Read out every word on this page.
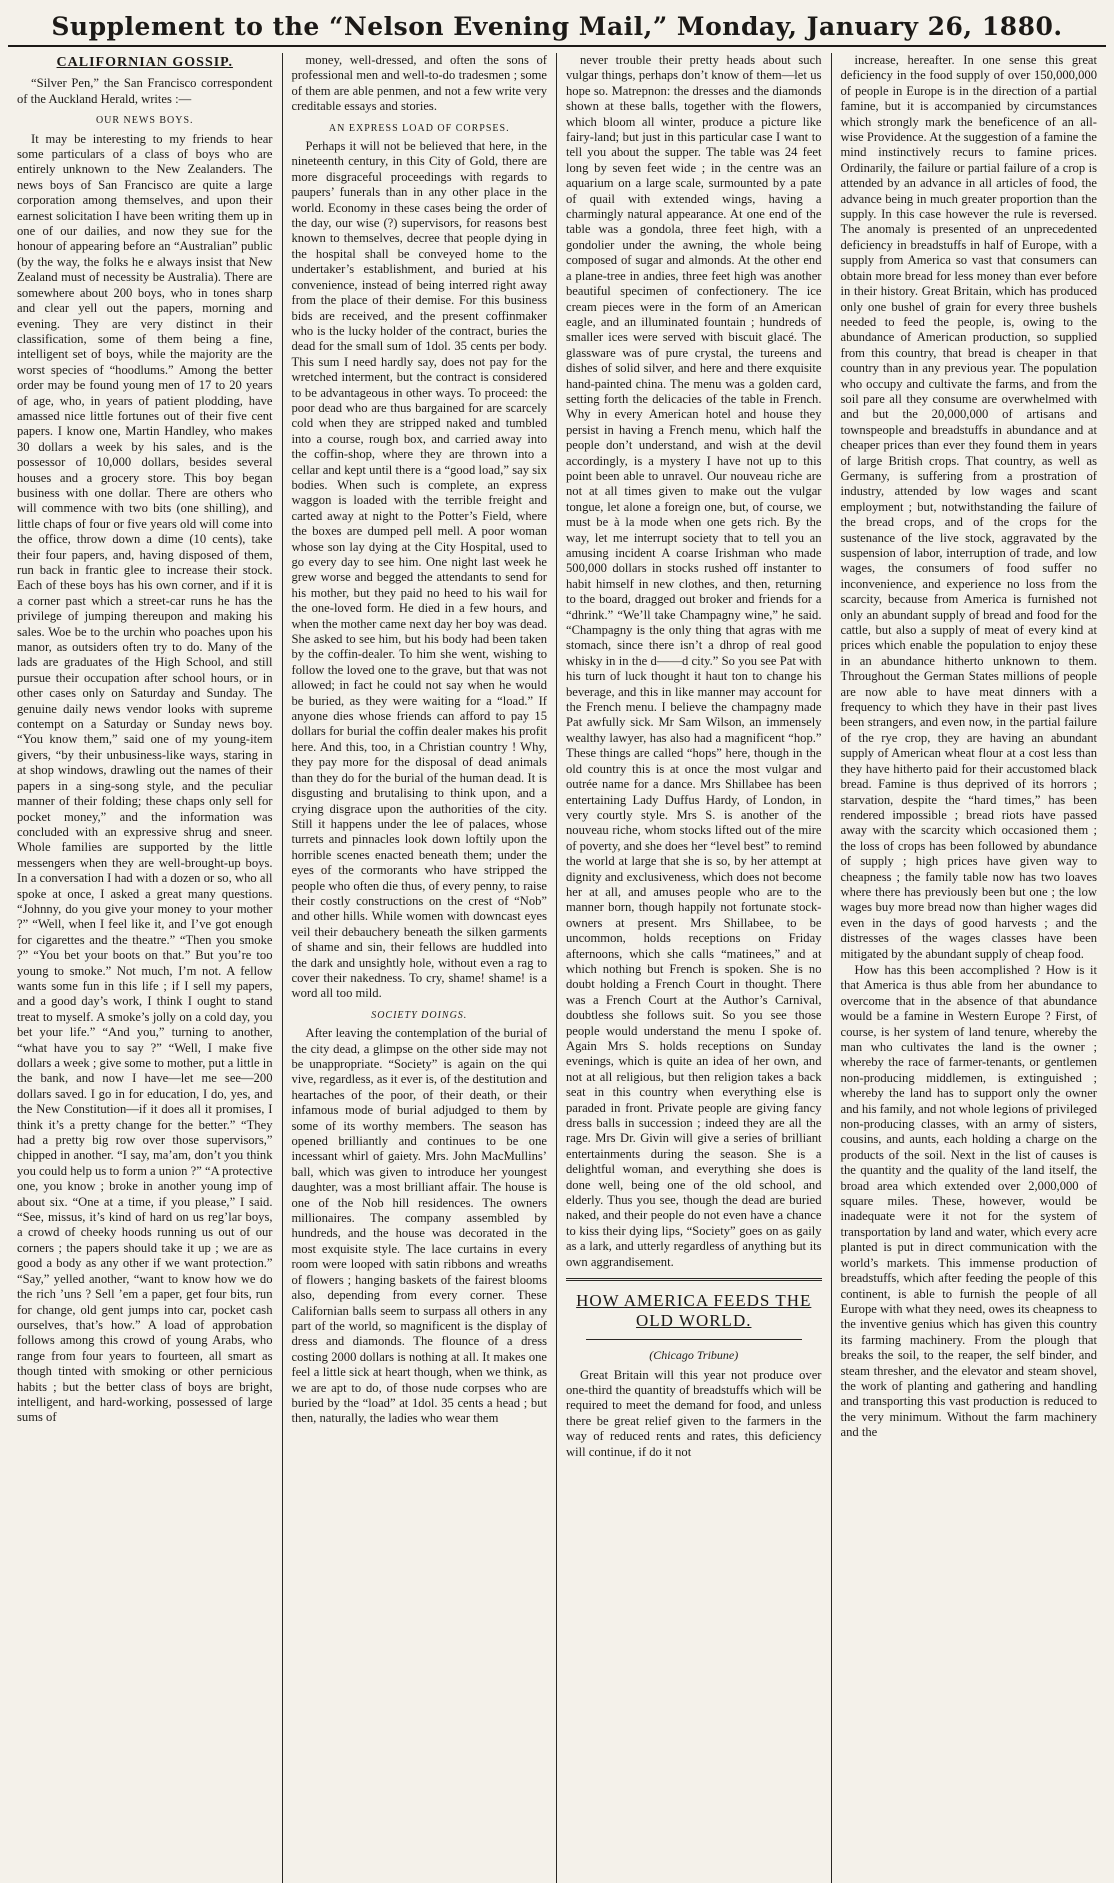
Supplement to the “Nelson Evening Mail,” Monday, January 26, 1880.
CALIFORNIAN GOSSIP.

“Silver Pen,” the San Francisco correspondent of the Auckland Herald, writes :—

OUR NEWS BOYS.

It may be interesting to my friends to hear some particulars of a class of boys who are entirely unknown to the New Zealanders. The news boys of San Francisco are quite a large corporation among themselves, and upon their earnest solicitation I have been writing them up in one of our dailies, and now they sue for the honour of appearing before an “Australian” public (by the way, the folks he e always insist that New Zealand must of necessity be Australia). There are somewhere about 200 boys, who in tones sharp and clear yell out the papers, morning and evening. They are very distinct in their classification, some of them being a fine, intelligent set of boys, while the majority are the worst species of “hoodlums.” Among the better order may be found young men of 17 to 20 years of age, who, in years of patient plodding, have amassed nice little fortunes out of their five cent papers. I know one, Martin Handley, who makes 30 dollars a week by his sales, and is the possessor of 10,000 dollars, besides several houses and a grocery store. This boy began business with one dollar. There are others who will commence with two bits (one shilling), and little chaps of four or five years old will come into the office, throw down a dime (10 cents), take their four papers, and, having disposed of them, run back in frantic glee to increase their stock. Each of these boys has his own corner, and if it is a corner past which a street-car runs he has the privilege of jumping thereupon and making his sales. Woe be to the urchin who poaches upon his manor, as outsiders often try to do. Many of the lads are graduates of the High School, and still pursue their occupation after school hours, or in other cases only on Saturday and Sunday. The genuine daily news vendor looks with supreme contempt on a Saturday or Sunday news boy. “You know them,” said one of my young-item givers, “by their unbusiness-like ways, staring in at shop windows, drawling out the names of their papers in a sing-song style, and the peculiar manner of their folding; these chaps only sell for pocket money,” and the information was concluded with an expressive shrug and sneer. Whole families are supported by the little messengers when they are well-brought-up boys. In a conversation I had with a dozen or so, who all spoke at once, I asked a great many questions. “Johnny, do you give your money to your mother ?” “Well, when I feel like it, and I’ve got enough for cigarettes and the theatre.” “Then you smoke ?” “You bet your boots on that.” But you’re too young to smoke.” Not much, I’m not. A fellow wants some fun in this life ; if I sell my papers, and a good day’s work, I think I ought to stand treat to myself. A smoke’s jolly on a cold day, you bet your life.” “And you,” turning to another, “what have you to say ?” “Well, I make five dollars a week ; give some to mother, put a little in the bank, and now I have—let me see—200 dollars saved. I go in for education, I do, yes, and the New Constitution—if it does all it promises, I think it’s a pretty change for the better.” “They had a pretty big row over those supervisors,” chipped in another. “I say, ma’am, don’t you think you could help us to form a union ?” “A protective one, you know ; broke in another young imp of about six. “One at a time, if you please,” I said. “See, missus, it’s kind of hard on us reg’lar boys, a crowd of cheeky hoods running us out of our corners ; the papers should take it up ; we are as good a body as any other if we want protection.” “Say,” yelled another, “want to know how we do the rich ’uns ? Sell ’em a paper, get four bits, run for change, old gent jumps into car, pocket cash ourselves, that’s how.” A load of approbation follows among this crowd of young Arabs, who range from four years to fourteen, all smart as though tinted with smoking or other pernicious habits ; but the better class of boys are bright, intelligent, and hard-working, possessed of large sums of

money, well-dressed, and often the sons of professional men and well-to-do tradesmen ; some of them are able penmen, and not a few write very creditable essays and stories.

AN EXPRESS LOAD OF CORPSES.

Perhaps it will not be believed that here, in the nineteenth century, in this City of Gold, there are more disgraceful proceedings with regards to paupers’ funerals than in any other place in the world. Economy in these cases being the order of the day, our wise (?) supervisors, for reasons best known to themselves, decree that people dying in the hospital shall be conveyed home to the undertaker’s establishment, and buried at his convenience, instead of being interred right away from the place of their demise. For this business bids are received, and the present coffinmaker who is the lucky holder of the contract, buries the dead for the small sum of 1dol. 35 cents per body. This sum I need hardly say, does not pay for the wretched interment, but the contract is considered to be advantageous in other ways. To proceed: the poor dead who are thus bargained for are scarcely cold when they are stripped naked and tumbled into a course, rough box, and carried away into the coffin-shop, where they are thrown into a cellar and kept until there is a “good load,” say six bodies. When such is complete, an express waggon is loaded with the terrible freight and carted away at night to the Potter’s Field, where the boxes are dumped pell mell. A poor woman whose son lay dying at the City Hospital, used to go every day to see him. One night last week he grew worse and begged the attendants to send for his mother, but they paid no heed to his wail for the one-loved form. He died in a few hours, and when the mother came next day her boy was dead. She asked to see him, but his body had been taken by the coffin-dealer. To him she went, wishing to follow the loved one to the grave, but that was not allowed; in fact he could not say when he would be buried, as they were waiting for a “load.” If anyone dies whose friends can afford to pay 15 dollars for burial the coffin dealer makes his profit here. And this, too, in a Christian country ! Why, they pay more for the disposal of dead animals than they do for the burial of the human dead. It is disgusting and brutalising to think upon, and a crying disgrace upon the authorities of the city. Still it happens under the lee of palaces, whose turrets and pinnacles look down loftily upon the horrible scenes enacted beneath them; under the eyes of the cormorants who have stripped the people who often die thus, of every penny, to raise their costly constructions on the crest of “Nob” and other hills. While women with downcast eyes veil their debauchery beneath the silken garments of shame and sin, their fellows are huddled into the dark and unsightly hole, without even a rag to cover their nakedness. To cry, shame! shame! is a word all too mild.

SOCIETY DOINGS.

After leaving the contemplation of the burial of the city dead, a glimpse on the other side may not be unappropriate. “Society” is again on the qui vive, regardless, as it ever is, of the destitution and heartaches of the poor, of their death, or their infamous mode of burial adjudged to them by some of its worthy members. The season has opened brilliantly and continues to be one incessant whirl of gaiety. Mrs. John MacMullins’ ball, which was given to introduce her youngest daughter, was a most brilliant affair. The house is one of the Nob hill residences. The owners millionaires. The company assembled by hundreds, and the house was decorated in the most exquisite style. The lace curtains in every room were looped with satin ribbons and wreaths of flowers ; hanging baskets of the fairest blooms also, depending from every corner. These Californian balls seem to surpass all others in any part of the world, so magnificent is the display of dress and diamonds. The flounce of a dress costing 2000 dollars is nothing at all. It makes one feel a little sick at heart though, when we think, as we are apt to do, of those nude corpses who are buried by the “load” at 1dol. 35 cents a head ; but then, naturally, the ladies who wear them

never trouble their pretty heads about such vulgar things, perhaps don’t know of them—let us hope so. Matrepnon: the dresses and the diamonds shown at these balls, together with the flowers, which bloom all winter, produce a picture like fairy-land; but just in this particular case I want to tell you about the supper. The table was 24 feet long by seven feet wide ; in the centre was an aquarium on a large scale, surmounted by a pate of quail with extended wings, having a charmingly natural appearance. At one end of the table was a gondola, three feet high, with a gondolier under the awning, the whole being composed of sugar and almonds. At the other end a plane-tree in andies, three feet high was another beautiful specimen of confectionery. The ice cream pieces were in the form of an American eagle, and an illuminated fountain ; hundreds of smaller ices were served with biscuit glacé. The glassware was of pure crystal, the tureens and dishes of solid silver, and here and there exquisite hand-painted china. The menu was a golden card, setting forth the delicacies of the table in French. Why in every American hotel and house they persist in having a French menu, which half the people don’t understand, and wish at the devil accordingly, is a mystery I have not up to this point been able to unravel. Our nouveau riche are not at all times given to make out the vulgar tongue, let alone a foreign one, but, of course, we must be à la mode when one gets rich. By the way, let me interrupt society that to tell you an amusing incident A coarse Irishman who made 500,000 dollars in stocks rushed off instanter to habit himself in new clothes, and then, returning to the board, dragged out broker and friends for a “dhrink.” “We’ll take Champagny wine,” he said. “Champagny is the only thing that agras with me stomach, since there isn’t a dhrop of real good whisky in in the d——d city.” So you see Pat with his turn of luck thought it haut ton to change his beverage, and this in like manner may account for the French menu. I believe the champagny made Pat awfully sick. Mr Sam Wilson, an immensely wealthy lawyer, has also had a magnificent “hop.” These things are called “hops” here, though in the old country this is at once the most vulgar and outrée name for a dance. Mrs Shillabee has been entertaining Lady Duffus Hardy, of London, in very courtly style. Mrs S. is another of the nouveau riche, whom stocks lifted out of the mire of poverty, and she does her “level best” to remind the world at large that she is so, by her attempt at dignity and exclusiveness, which does not become her at all, and amuses people who are to the manner born, though happily not fortunate stock-owners at present. Mrs Shillabee, to be uncommon, holds receptions on Friday afternoons, which she calls “matinees,” and at which nothing but French is spoken. She is no doubt holding a French Court in thought. There was a French Court at the Author’s Carnival, doubtless she follows suit. So you see those people would understand the menu I spoke of. Again Mrs S. holds receptions on Sunday evenings, which is quite an idea of her own, and not at all religious, but then religion takes a back seat in this country when everything else is paraded in front. Private people are giving fancy dress balls in succession ; indeed they are all the rage. Mrs Dr. Givin will give a series of brilliant entertainments during the season. She is a delightful woman, and everything she does is done well, being one of the old school, and elderly. Thus you see, though the dead are buried naked, and their people do not even have a chance to kiss their dying lips, “Society” goes on as gaily as a lark, and utterly regardless of anything but its own aggrandisement.

HOW AMERICA FEEDS THE OLD WORLD.
(Chicago Tribune)

Great Britain will this year not produce over one-third the quantity of breadstuffs which will be required to meet the demand for food, and unless there be great relief given to the farmers in the way of reduced rents and rates, this deficiency will continue, if do it not

increase, hereafter. In one sense this great deficiency in the food supply of over 150,000,000 of people in Europe is in the direction of a partial famine, but it is accompanied by circumstances which strongly mark the beneficence of an all-wise Providence. At the suggestion of a famine the mind instinctively recurs to famine prices. Ordinarily, the failure or partial failure of a crop is attended by an advance in all articles of food, the advance being in much greater proportion than the supply. In this case however the rule is reversed. The anomaly is presented of an unprecedented deficiency in breadstuffs in half of Europe, with a supply from America so vast that consumers can obtain more bread for less money than ever before in their history. Great Britain, which has produced only one bushel of grain for every three bushels needed to feed the people, is, owing to the abundance of American production, so supplied from this country, that bread is cheaper in that country than in any previous year. The population who occupy and cultivate the farms, and from the soil pare all they consume are overwhelmed with and but the 20,000,000 of artisans and townspeople and breadstuffs in abundance and at cheaper prices than ever they found them in years of large British crops. That country, as well as Germany, is suffering from a prostration of industry, attended by low wages and scant employment ; but, notwithstanding the failure of the bread crops, and of the crops for the sustenance of the live stock, aggravated by the suspension of labor, interruption of trade, and low wages, the consumers of food suffer no inconvenience, and experience no loss from the scarcity, because from America is furnished not only an abundant supply of bread and food for the cattle, but also a supply of meat of every kind at prices which enable the population to enjoy these in an abundance hitherto unknown to them. Throughout the German States millions of people are now able to have meat dinners with a frequency to which they have in their past lives been strangers, and even now, in the partial failure of the rye crop, they are having an abundant supply of American wheat flour at a cost less than they have hitherto paid for their accustomed black bread. Famine is thus deprived of its horrors ; starvation, despite the “hard times,” has been rendered impossible ; bread riots have passed away with the scarcity which occasioned them ; the loss of crops has been followed by abundance of supply ; high prices have given way to cheapness ; the family table now has two loaves where there has previously been but one ; the low wages buy more bread now than higher wages did even in the days of good harvests ; and the distresses of the wages classes have been mitigated by the abundant supply of cheap food.

How has this been accomplished ? How is it that America is thus able from her abundance to overcome that in the absence of that abundance would be a famine in Western Europe ? First, of course, is her system of land tenure, whereby the man who cultivates the land is the owner ; whereby the race of farmer-tenants, or gentlemen non-producing middlemen, is extinguished ; whereby the land has to support only the owner and his family, and not whole legions of privileged non-producing classes, with an army of sisters, cousins, and aunts, each holding a charge on the products of the soil. Next in the list of causes is the quantity and the quality of the land itself, the broad area which extended over 2,000,000 of square miles. These, however, would be inadequate were it not for the system of transportation by land and water, which every acre planted is put in direct communication with the world’s markets. This immense production of breadstuffs, which after feeding the people of this continent, is able to furnish the people of all Europe with what they need, owes its cheapness to the inventive genius which has given this country its farming machinery. From the plough that breaks the soil, to the reaper, the self binder, and steam thresher, and the elevator and steam shovel, the work of planting and gathering and handling and transporting this vast production is reduced to the very minimum. Without the farm machinery and the
